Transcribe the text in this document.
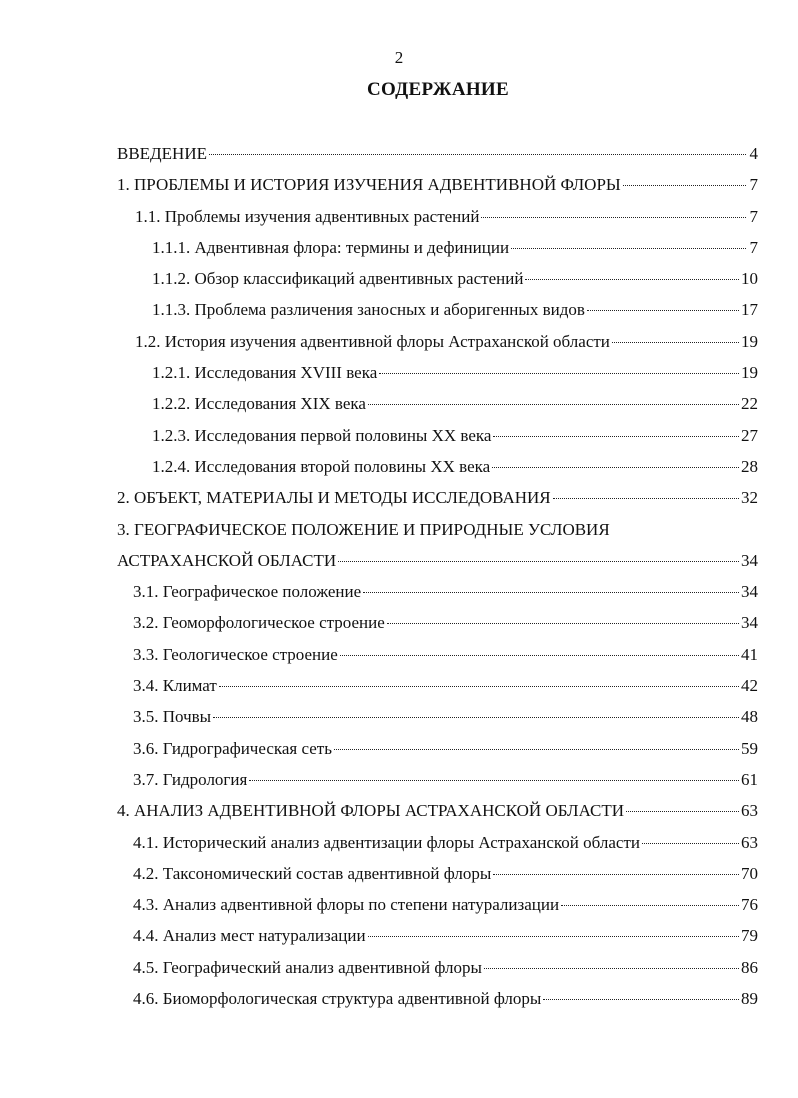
2
СОДЕРЖАНИЕ
ВВЕДЕНИЕ	4
1. ПРОБЛЕМЫ И ИСТОРИЯ ИЗУЧЕНИЯ АДВЕНТИВНОЙ ФЛОРЫ	7
1.1. Проблемы изучения адвентивных растений	7
1.1.1. Адвентивная флора: термины и дефиниции	7
1.1.2. Обзор классификаций адвентивных растений	10
1.1.3. Проблема различения заносных и аборигенных видов	17
1.2. История изучения адвентивной флоры Астраханской области	19
1.2.1. Исследования XVIII века	19
1.2.2. Исследования XIX века	22
1.2.3. Исследования первой половины XX века	27
1.2.4. Исследования второй половины XX века	28
2. ОБЪЕКТ, МАТЕРИАЛЫ И МЕТОДЫ ИССЛЕДОВАНИЯ	32
3. ГЕОГРАФИЧЕСКОЕ ПОЛОЖЕНИЕ И ПРИРОДНЫЕ УСЛОВИЯ
АСТРАХАНСКОЙ ОБЛАСТИ	34
3.1. Географическое положение	34
3.2. Геоморфологическое строение	34
3.3. Геологическое строение	41
3.4. Климат	42
3.5. Почвы	48
3.6. Гидрографическая сеть	59
3.7. Гидрология	61
4. АНАЛИЗ АДВЕНТИВНОЙ ФЛОРЫ АСТРАХАНСКОЙ ОБЛАСТИ	63
4.1. Исторический анализ адвентизации флоры Астраханской области	63
4.2. Таксономический состав адвентивной флоры	70
4.3. Анализ адвентивной флоры по степени натурализации	76
4.4. Анализ мест натурализации	79
4.5. Географический анализ адвентивной флоры	86
4.6. Биоморфологическая структура адвентивной флоры	89
